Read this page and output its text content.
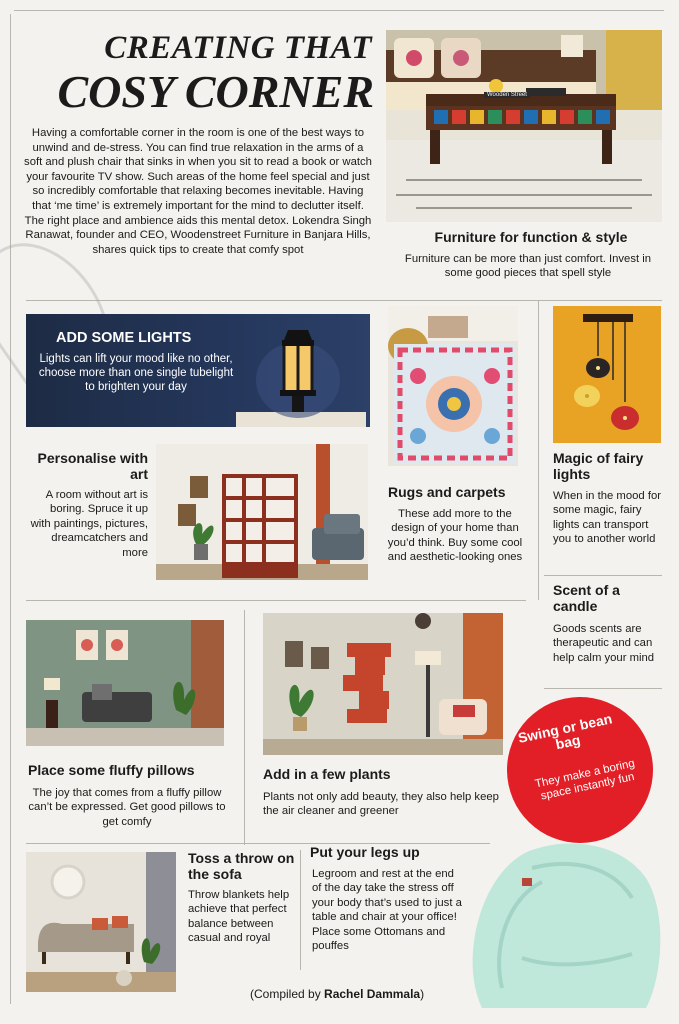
CREATING THAT
COSY CORNER
Having a comfortable corner in the room is one of the best ways to unwind and de-stress. You can find true relaxation in the arms of a soft and plush chair that sinks in when you sit to read a book or watch your favourite TV show. Such areas of the home feel special and just so incredibly comfortable that relaxing becomes inevitable. Having that ‘me time’ is extremely important for the mind to declutter itself. The right place and ambience aids this mental detox. Lokendra Singh Ranawat, founder and CEO, Woodenstreet Furniture in Banjara Hills, shares quick tips to create that comfy spot
Furniture for function & style
Furniture can be more than just comfort. Invest in some good pieces that spell style
ADD SOME LIGHTS
Lights can lift your mood like no other, choose more than one single tubelight to brighten your day
Rugs and carpets
These add more to the design of your home than you’d think. Buy some cool and aesthetic-looking ones
Magic of fairy lights
When in the mood for some magic, fairy lights can transport you to another world
Personalise with art
A room without art is boring. Spruce it up with paintings, pictures, dreamcatchers and more
Scent of a candle
Goods scents are therapeutic and can help calm your mind
Place some fluffy pillows
The joy that comes from a fluffy pillow can’t be expressed. Get good pillows to get comfy
Add in a few plants
Plants not only add beauty, they also help keep the air cleaner and greener
Swing or bean bag
They make a boring space instantly fun
Toss a throw on the sofa
Throw blankets help achieve that perfect balance between casual and royal
Put your legs up
Legroom and rest at the end of the day take the stress off your body that’s used to just a table and chair at your office! Place some Ottomans and pouffes
(Compiled by Rachel Dammala)
Wooden Street
